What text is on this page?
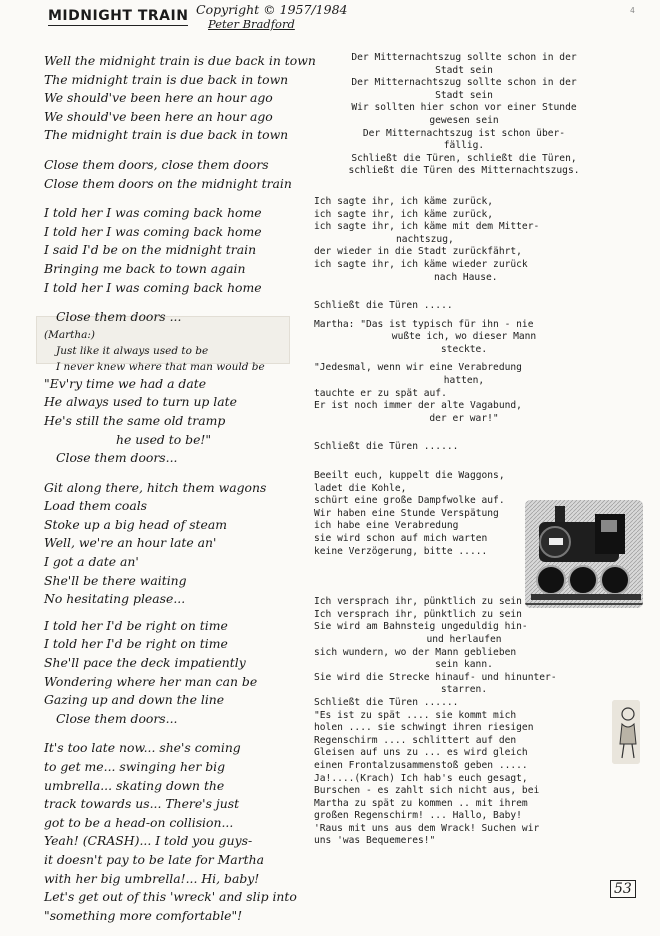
4
MIDNIGHT TRAIN Copyright © 1957/1984
Peter Bradford
Well the midnight train is due back in town
The midnight train is due back in town
We should've been here an hour ago
We should've been here an hour ago
The midnight train is due back in town
Close them doors, close them doors
Close them doors on the midnight train
I told her I was coming back home
I told her I was coming back home
I said I'd be on the midnight train
Bringing me back to town again
I told her I was coming back home
Close them doors ...
(Martha:)
Just like it always used to be
I never knew where that man would be
"Ev'ry time we had a date
He always used to turn up late
He's still the same old tramp
he used to be!"
Close them doors...
Git along there, hitch them wagons
Load them coals
Stoke up a big head of steam
Well, we're an hour late an'
I got a date an'
She'll be there waiting
No hesitating please...
I told her I'd be right on time
I told her I'd be right on time
She'll pace the deck impatiently
Wondering where her man can be
Gazing up and down the line
Close them doors...
It's too late now... she's coming
to get me... swinging her big
umbrella... skating down the
track towards us... There's just
got to be a head-on collision...
Yeah! (CRASH)... I told you guys-
it doesn't pay to be late for Martha
with her big umbrella!... Hi, baby!
Let's get out of this 'wreck' and slip into
"something more comfortable"!
Der Mitternachtszug sollte schon in der
Stadt sein
Der Mitternachtszug sollte schon in der
Stadt sein
Wir sollten hier schon vor einer Stunde
gewesen sein
Der Mitternachtszug ist schon über-
fällig.
Schließt die Türen, schließt die Türen,
schließt die Türen des Mitternachtszugs.
Ich sagte ihr, ich käme zurück,
ich sagte ihr, ich käme zurück,
ich sagte ihr, ich käme mit dem Mitter-
nachtszug,
der wieder in die Stadt zurückfährt,
ich sagte ihr, ich käme wieder zurück
nach Hause.
Schließt die Türen .....
Martha: "Das ist typisch für ihn - nie
wußte ich, wo dieser Mann
steckte.
"Jedesmal, wenn wir eine Verabredung
hatten,
tauchte er zu spät auf.
Er ist noch immer der alte Vagabund,
der er war!"
Schließt die Türen ......
Beeilt euch, kuppelt die Waggons,
ladet die Kohle,
schürt eine große Dampfwolke auf.
Wir haben eine Stunde Verspätung
ich habe eine Verabredung
sie wird schon auf mich warten
keine Verzögerung, bitte .....
Ich versprach ihr, pünktlich zu sein
Ich versprach ihr, pünktlich zu sein
Sie wird am Bahnsteig ungeduldig hin-
und herlaufen
sich wundern, wo der Mann geblieben
sein kann.
Sie wird die Strecke hinauf- und hinunter-
starren.
Schließt die Türen ......
"Es ist zu spät .... sie kommt mich
holen .... sie schwingt ihren riesigen
Regenschirm .... schlittert auf den
Gleisen auf uns zu ... es wird gleich
einen Frontalzusammenstoß geben .....
Ja!....(Krach) Ich hab's euch gesagt,
Burschen - es zahlt sich nicht aus, bei
Martha zu spät zu kommen .. mit ihrem
großen Regenschirm! ... Hallo, Baby!
'Raus mit uns aus dem Wrack! Suchen wir
uns 'was Bequemeres!"
53
